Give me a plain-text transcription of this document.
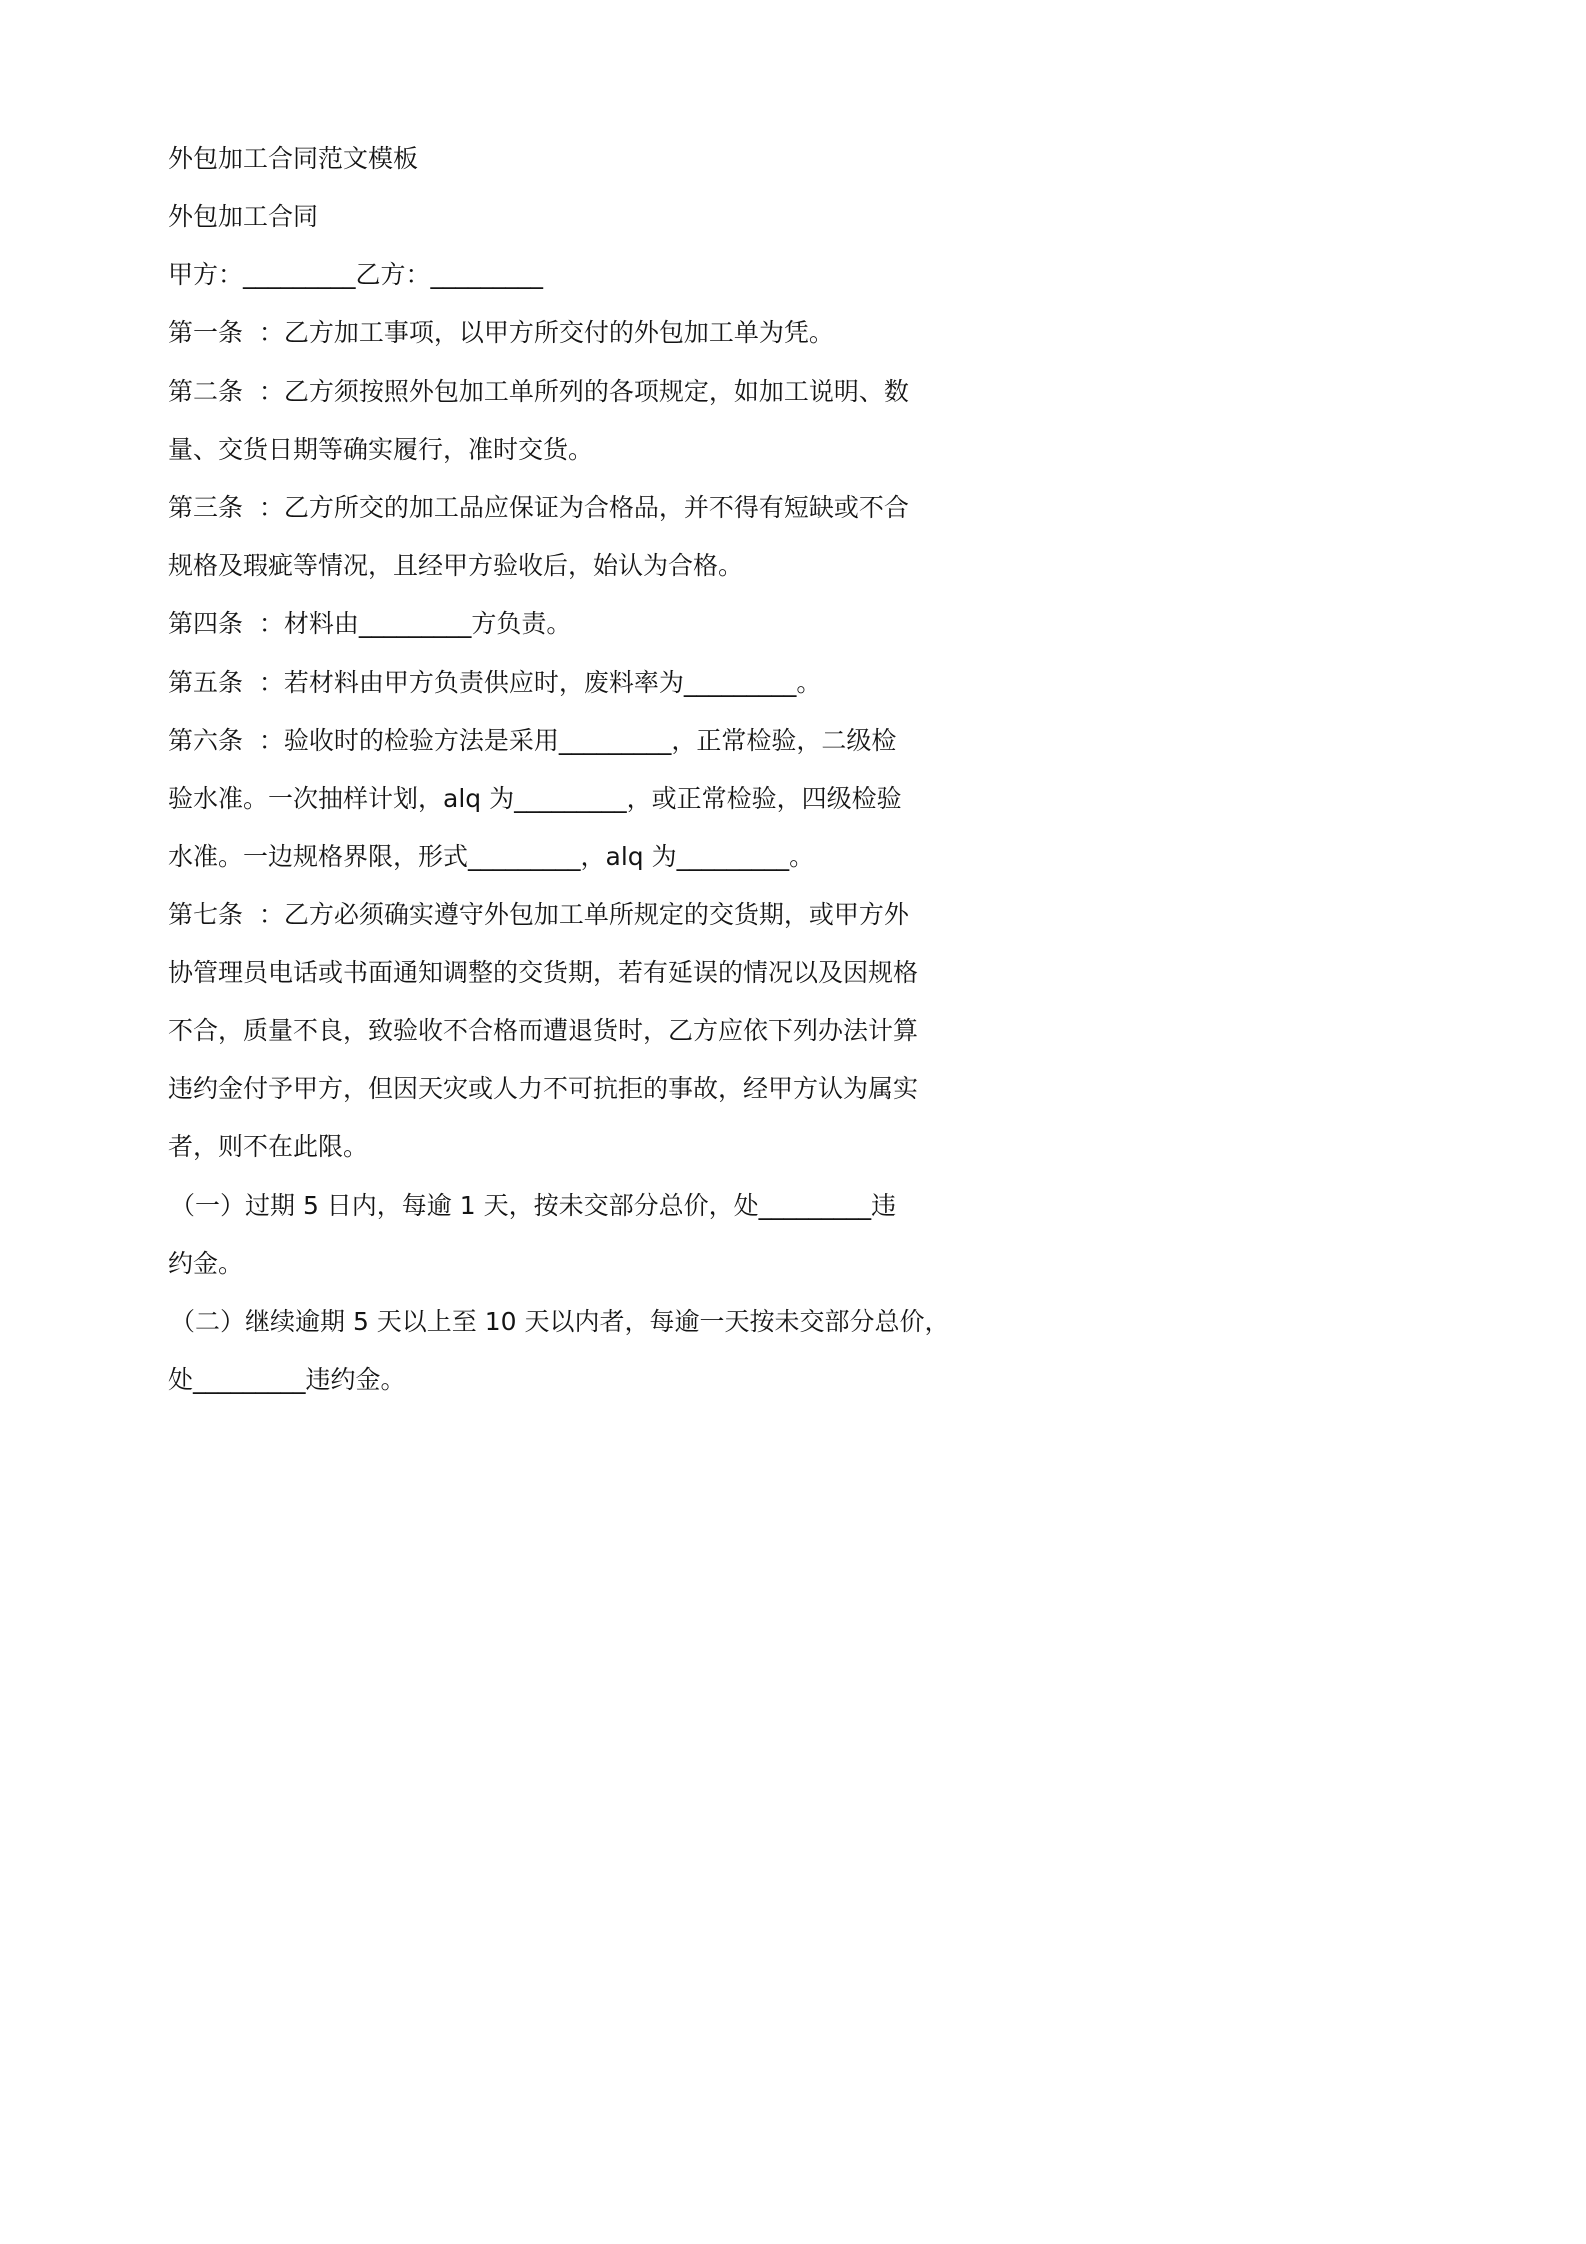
外包加工合同范文模板
外包加工合同
甲方：_________乙方：_________
第一条  ：乙方加工事项，以甲方所交付的外包加工单为凭。
第二条  ：乙方须按照外包加工单所列的各项规定，如加工说明、数
量、交货日期等确实履行，准时交货。
第三条  ：乙方所交的加工品应保证为合格品，并不得有短缺或不合
规格及瑕疵等情况，且经甲方验收后，始认为合格。
第四条  ：材料由_________方负责。
第五条  ：若材料由甲方负责供应时，废料率为_________。
第六条  ：验收时的检验方法是采用_________，正常检验，二级检
验水准。一次抽样计划，alq 为_________，或正常检验，四级检验
水准。一边规格界限，形式_________，alq 为_________。
第七条  ：乙方必须确实遵守外包加工单所规定的交货期，或甲方外
协管理员电话或书面通知调整的交货期，若有延误的情况以及因规格
不合，质量不良，致验收不合格而遭退货时，乙方应依下列办法计算
违约金付予甲方，但因天灾或人力不可抗拒的事故，经甲方认为属实
者，则不在此限。
（一）过期 5 日内，每逾 1 天，按未交部分总价，处_________违
约金。
（二）继续逾期 5 天以上至 10 天以内者，每逾一天按未交部分总价，
处_________违约金。
